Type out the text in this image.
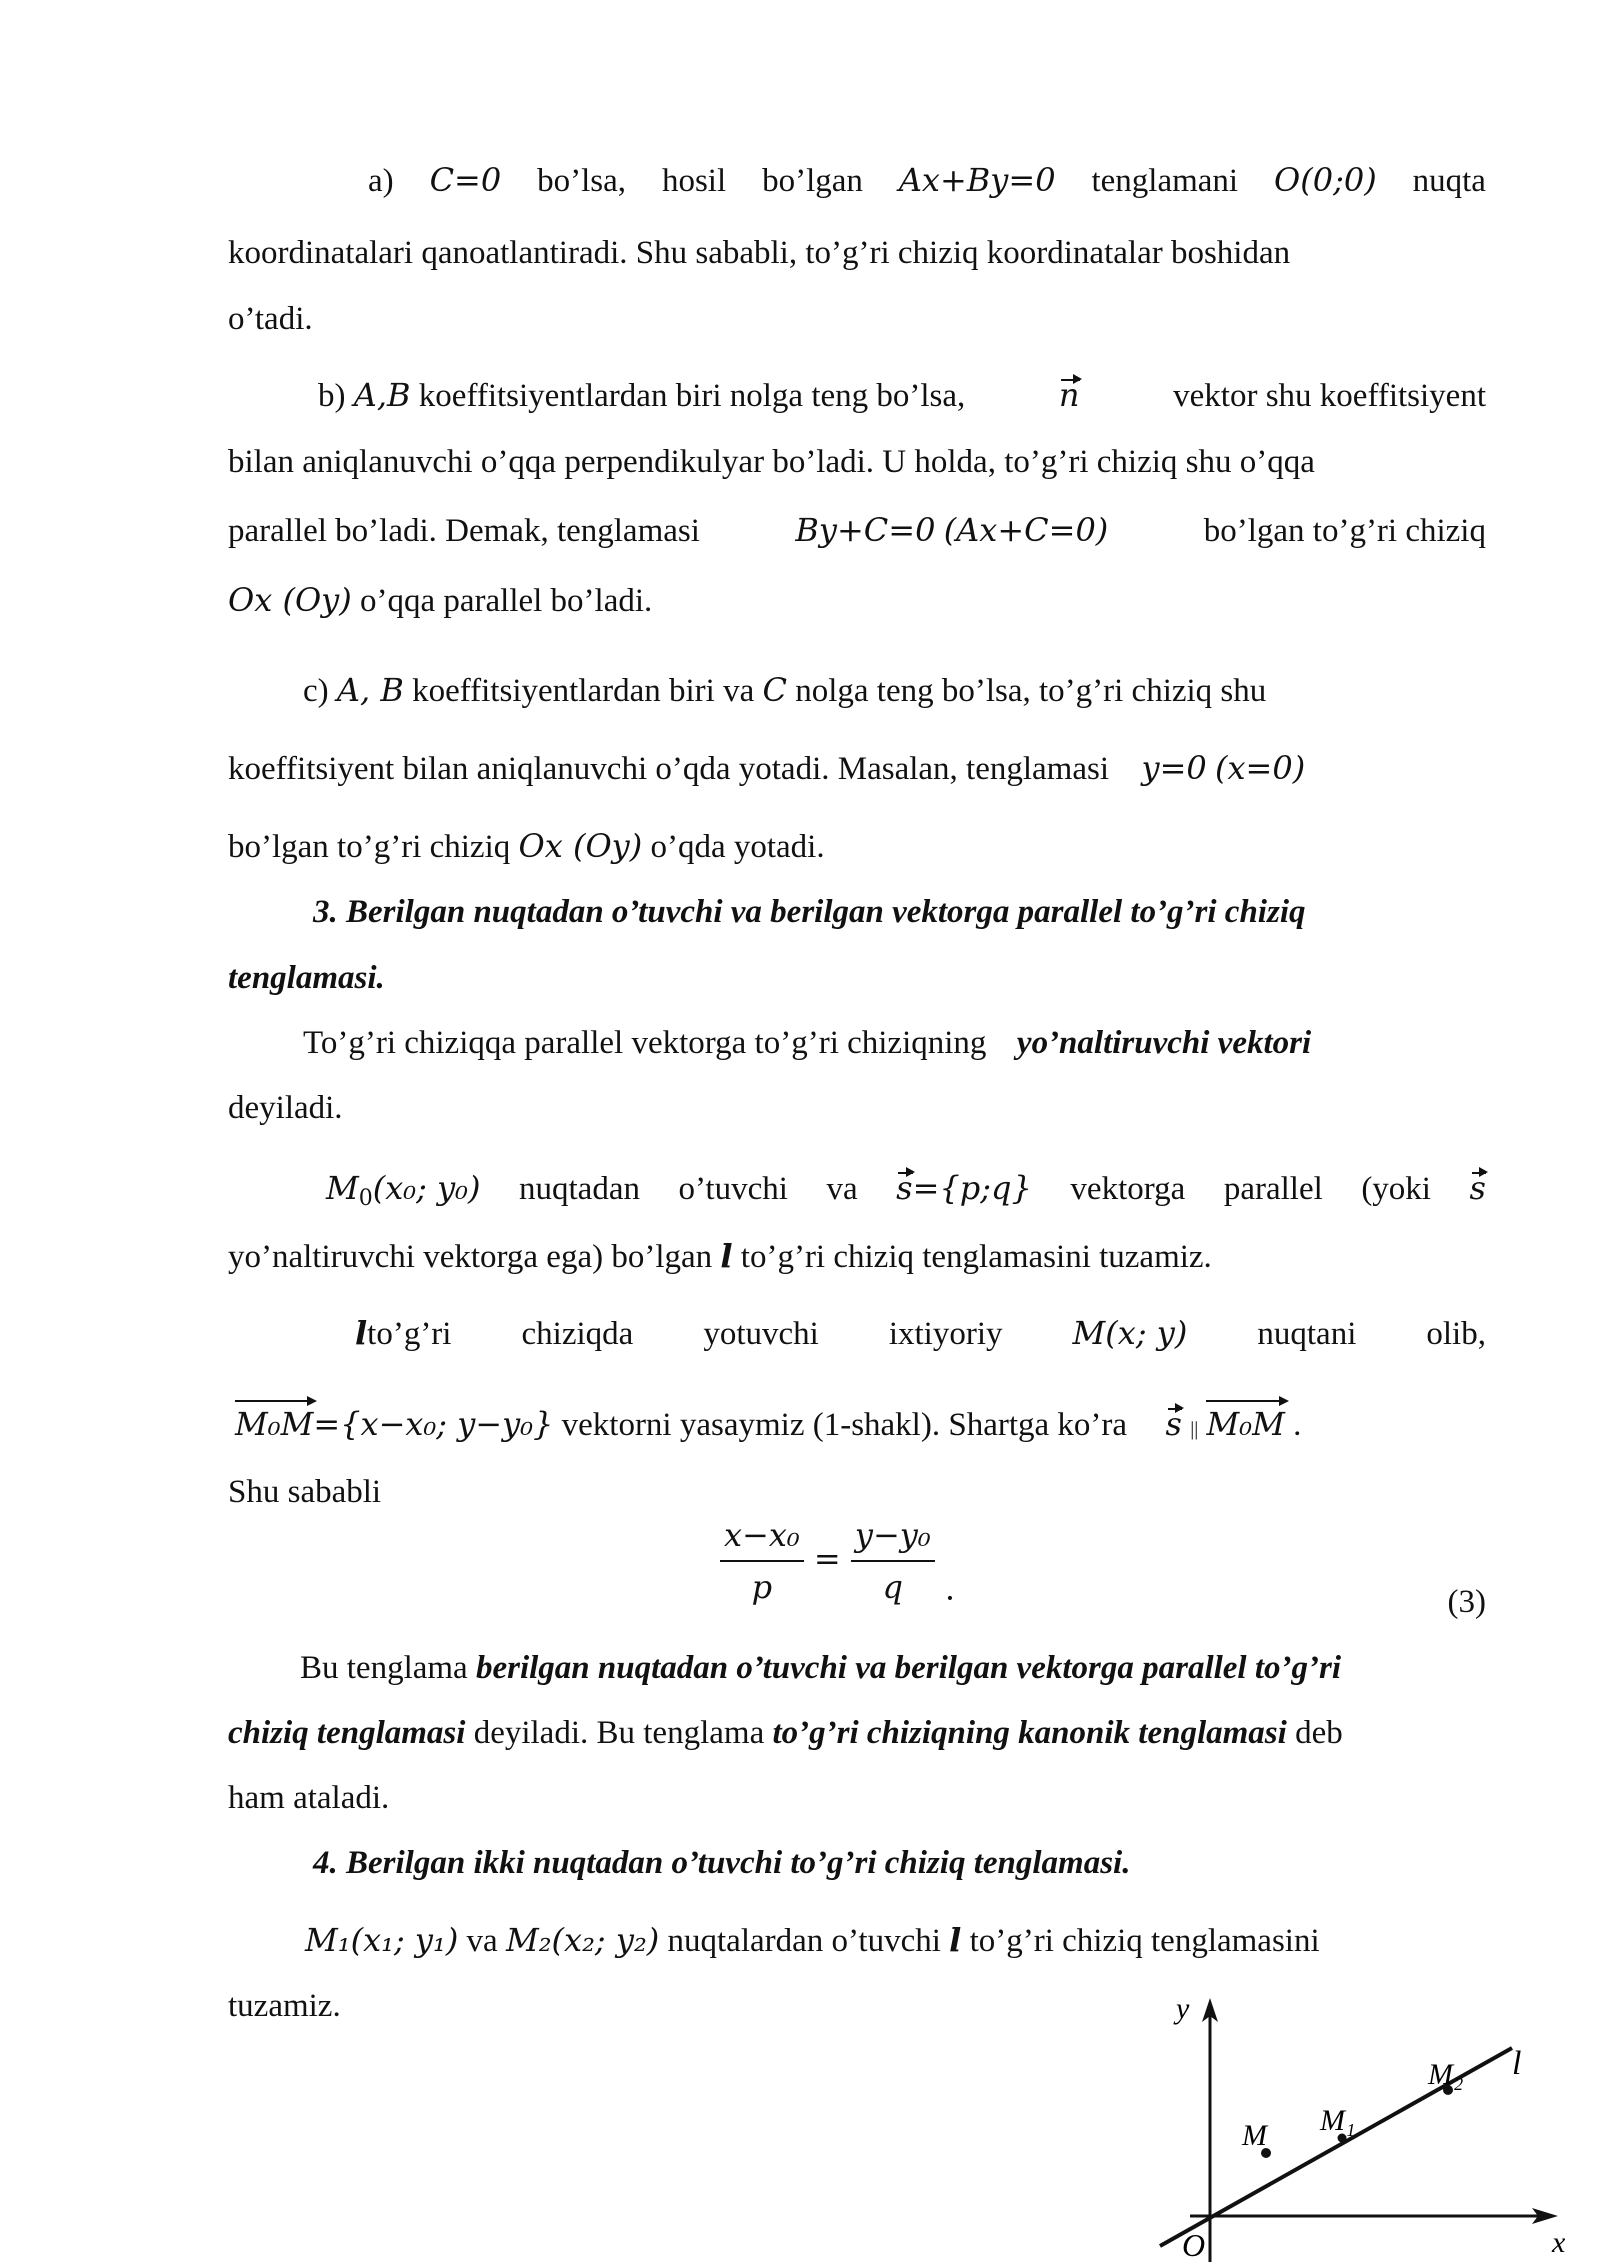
a) C=0 bo’lsa, hosil bo’lgan Ax+By=0 tenglamani O(0;0) nuqta
koordinatalari qanoatlantiradi. Shu sababli, to’g’ri chiziq koordinatalar boshidan
o’tadi.
b) A,B koeffitsiyentlardan biri nolga teng bo’lsa,	n	vektor shu koeffitsiyent
bilan aniqlanuvchi o’qqa perpendikulyar bo’ladi. U holda, to’g’ri chiziq shu o’qqa
parallel bo’ladi. Demak, tenglamasi	By+C=0 (Ax+C=0)	bo’lgan to’g’ri chiziq
Ox (Oy) o’qqa parallel bo’ladi.
c) A, B koeffitsiyentlardan biri va C nolga teng bo’lsa, to’g’ri chiziq shu
koeffitsiyent bilan aniqlanuvchi o’qda yotadi. Masalan, tenglamasi y=0 (x=0)
bo’lgan to’g’ri chiziq Ox (Oy) o’qda yotadi.
3. Berilgan nuqtadan o’tuvchi va berilgan vektorga parallel to’g’ri chiziq
tenglamasi.
To’g’ri chiziqqa parallel vektorga to’g’ri chiziqning yo’naltiruvchi vektori
deyiladi.
$M_0(x_0$; y₀) nuqtadan o’tuvchi va s={p;q} vektorga parallel (yoki s
yo’naltiruvchi vektorga ega) bo’lgan l to’g’ri chiziq tenglamasini tuzamiz.
lto’g’ri chiziqda yotuvchi ixtiyoriy M(x; y) nuqtani olib,
M₀M={x−x₀; y−y₀} vektorni yasaymiz (1-shakl). Shartga ko’ra s || M₀M .
Shu sababli
$\frac{\text{x−x₀}}{p} = \frac{\text{y−y₀}}{q}$ .	(3)
Bu tenglama berilgan nuqtadan o’tuvchi va berilgan vektorga parallel to’g’ri
chiziq tenglamasi deyiladi. Bu tenglama to’g’ri chiziqning kanonik tenglamasi deb
ham ataladi.
4. Berilgan ikki nuqtadan o’tuvchi to’g’ri chiziq tenglamasi.
M₁(x₁; y₁) va M₂(x₂; y₂) nuqtalardan o’tuvchi l to’g’ri chiziq tenglamasini
tuzamiz.	y
x
O
l
M M₁
M₂
